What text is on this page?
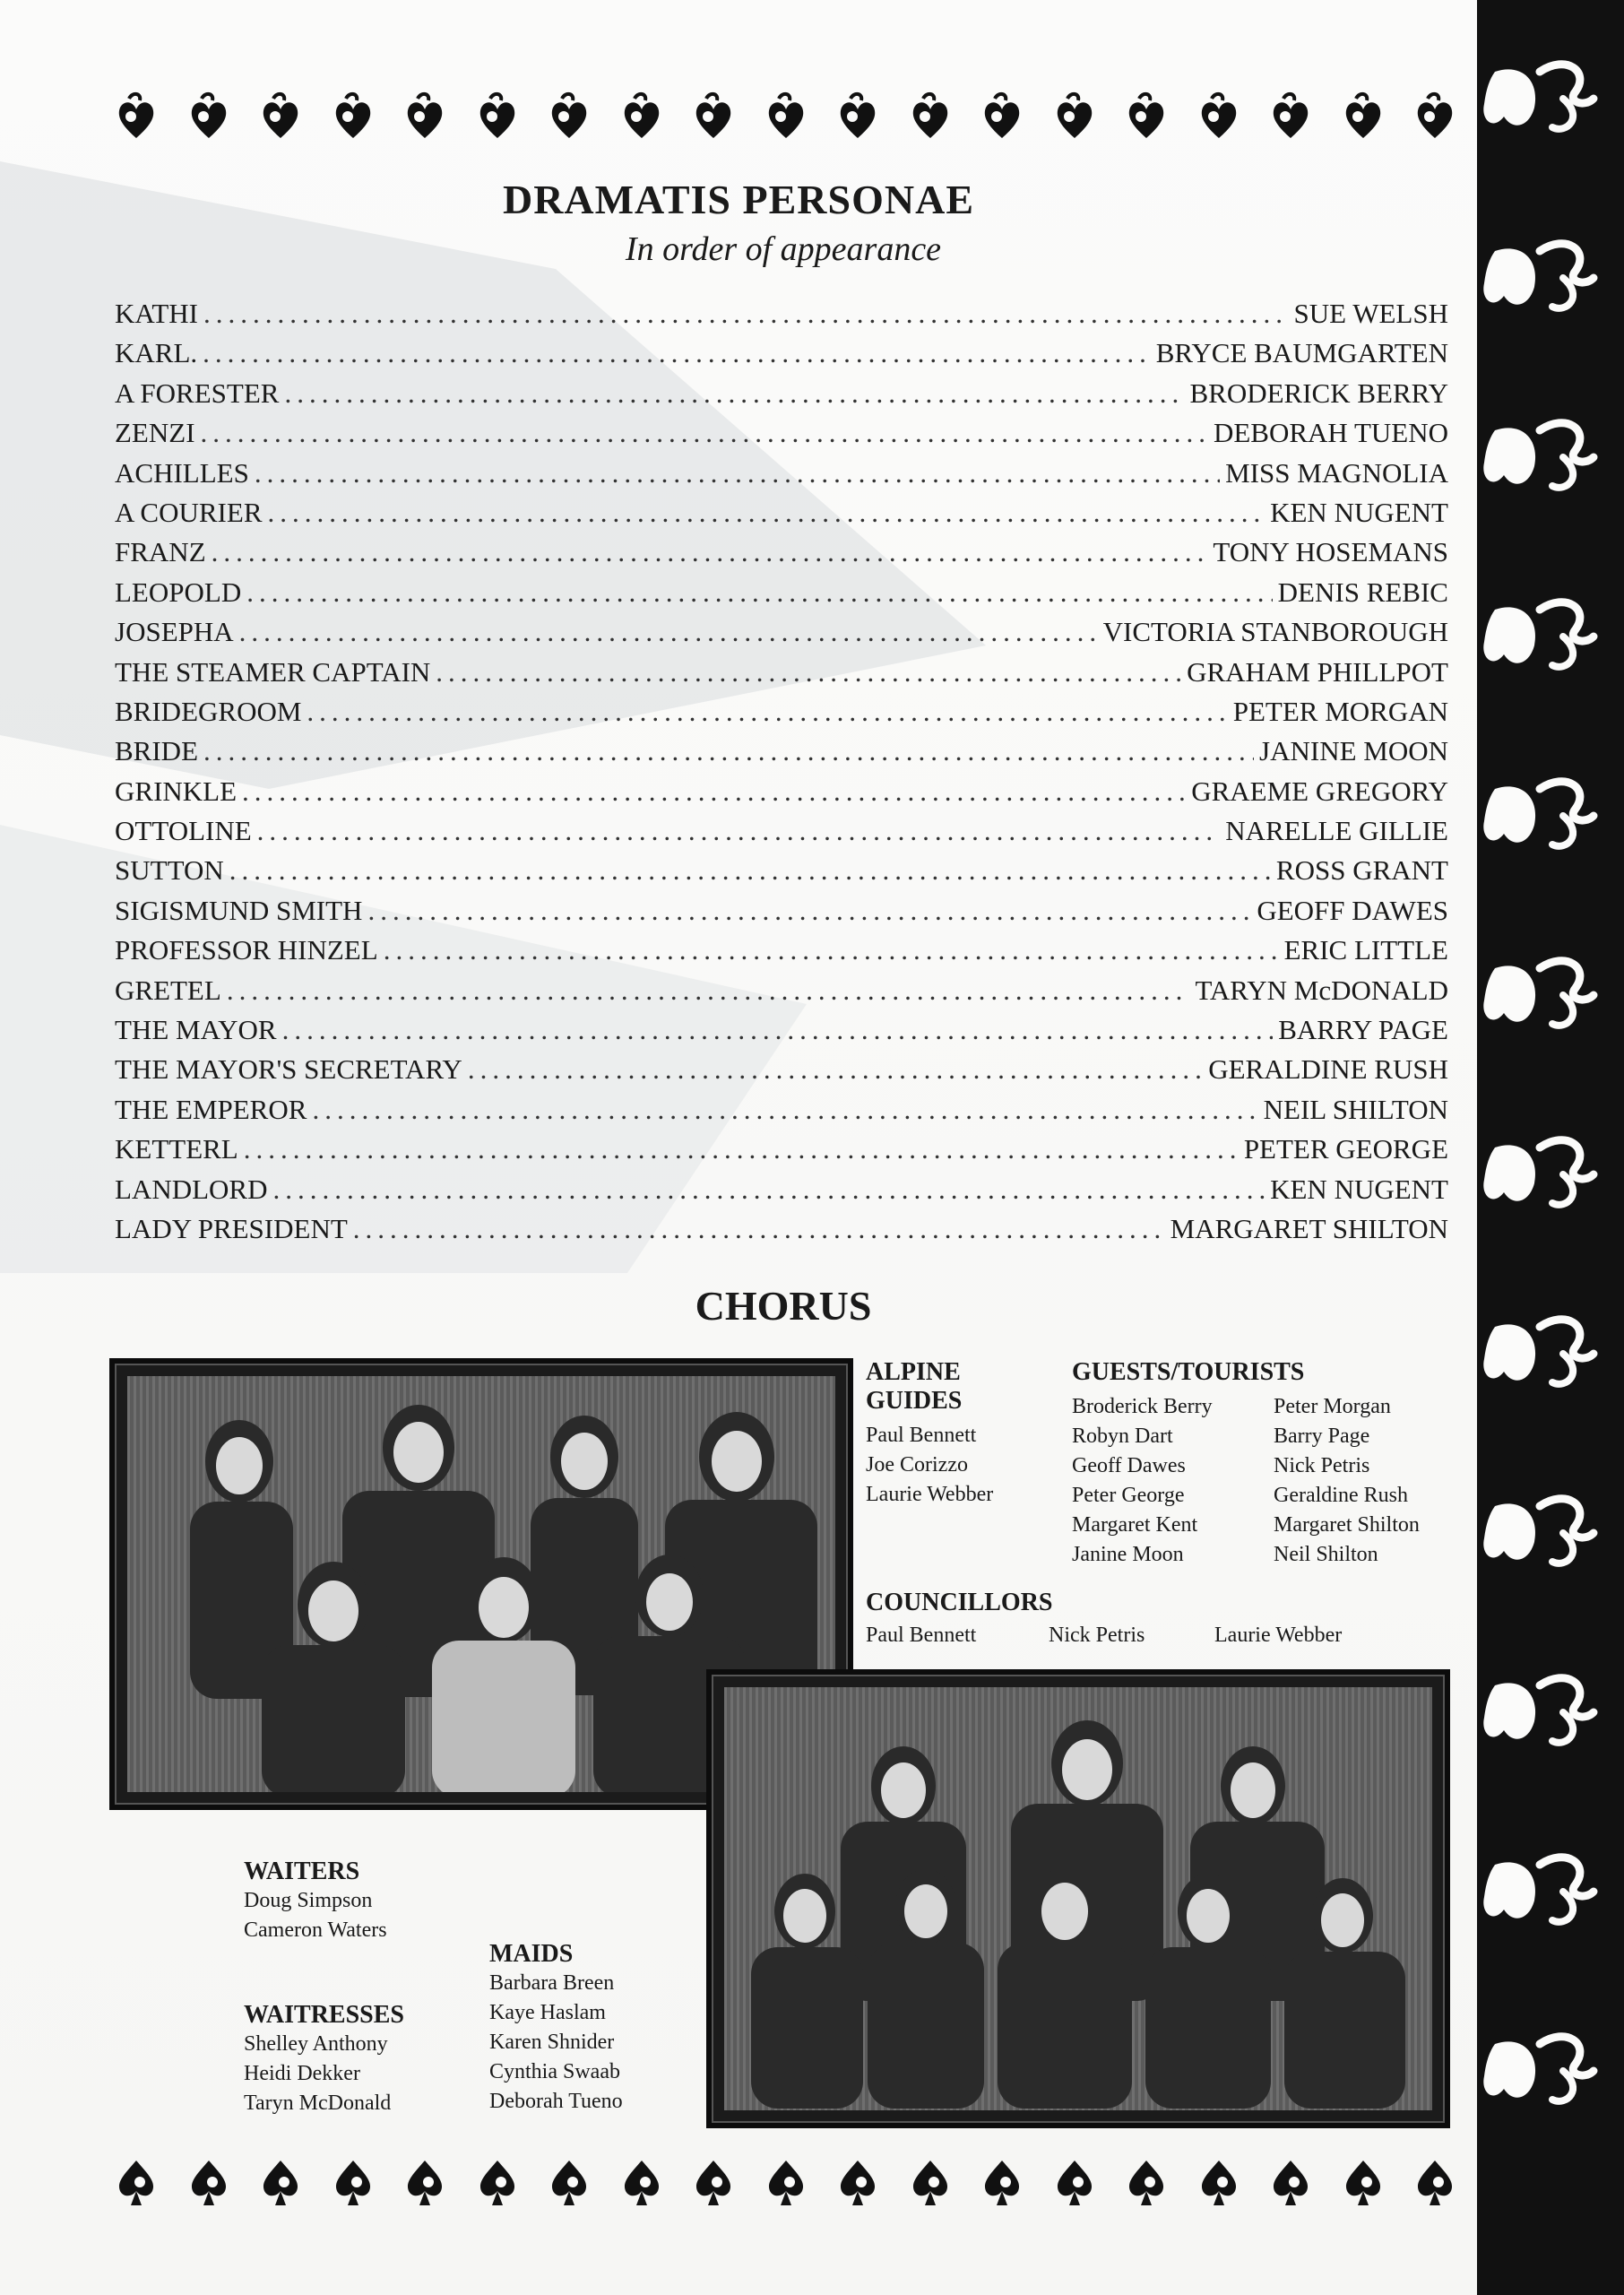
DRAMATIS PERSONAE
In order of appearance
KATHI .....	SUE WELSH
KARL. .....	BRYCE BAUMGARTEN
A FORESTER .....	BRODERICK BERRY
ZENZI .....	DEBORAH TUENO
ACHILLES .....	MISS MAGNOLIA
A COURIER .....	KEN NUGENT
FRANZ .....	TONY HOSEMANS
LEOPOLD .....	DENIS REBIC
JOSEPHA .....	VICTORIA STANBOROUGH
THE STEAMER CAPTAIN .....	GRAHAM PHILLPOT
BRIDEGROOM .....	PETER MORGAN
BRIDE .....	JANINE MOON
GRINKLE .....	GRAEME GREGORY
OTTOLINE .....	NARELLE GILLIE
SUTTON .....	ROSS GRANT
SIGISMUND SMITH .....	GEOFF DAWES
PROFESSOR HINZEL .....	ERIC LITTLE
GRETEL .....	TARYN McDONALD
THE MAYOR .....	BARRY PAGE
THE MAYOR'S SECRETARY .....	GERALDINE RUSH
THE EMPEROR .....	NEIL SHILTON
KETTERL .....	PETER GEORGE
LANDLORD .....	KEN NUGENT
LADY PRESIDENT .....	MARGARET SHILTON
CHORUS
ALPINE
GUIDES
Paul Bennett
Joe Corizzo
Laurie Webber
GUESTS/TOURISTS
Broderick Berry
Robyn Dart
Geoff Dawes
Peter George
Margaret Kent
Janine Moon
Peter Morgan
Barry Page
Nick Petris
Geraldine Rush
Margaret Shilton
Neil Shilton
COUNCILLORS
Paul Bennett	Nick Petris	Laurie Webber
WAITERS
Doug Simpson
Cameron Waters
WAITRESSES
Shelley Anthony
Heidi Dekker
Taryn McDonald
MAIDS
Barbara Breen
Kaye Haslam
Karen Shnider
Cynthia Swaab
Deborah Tueno
